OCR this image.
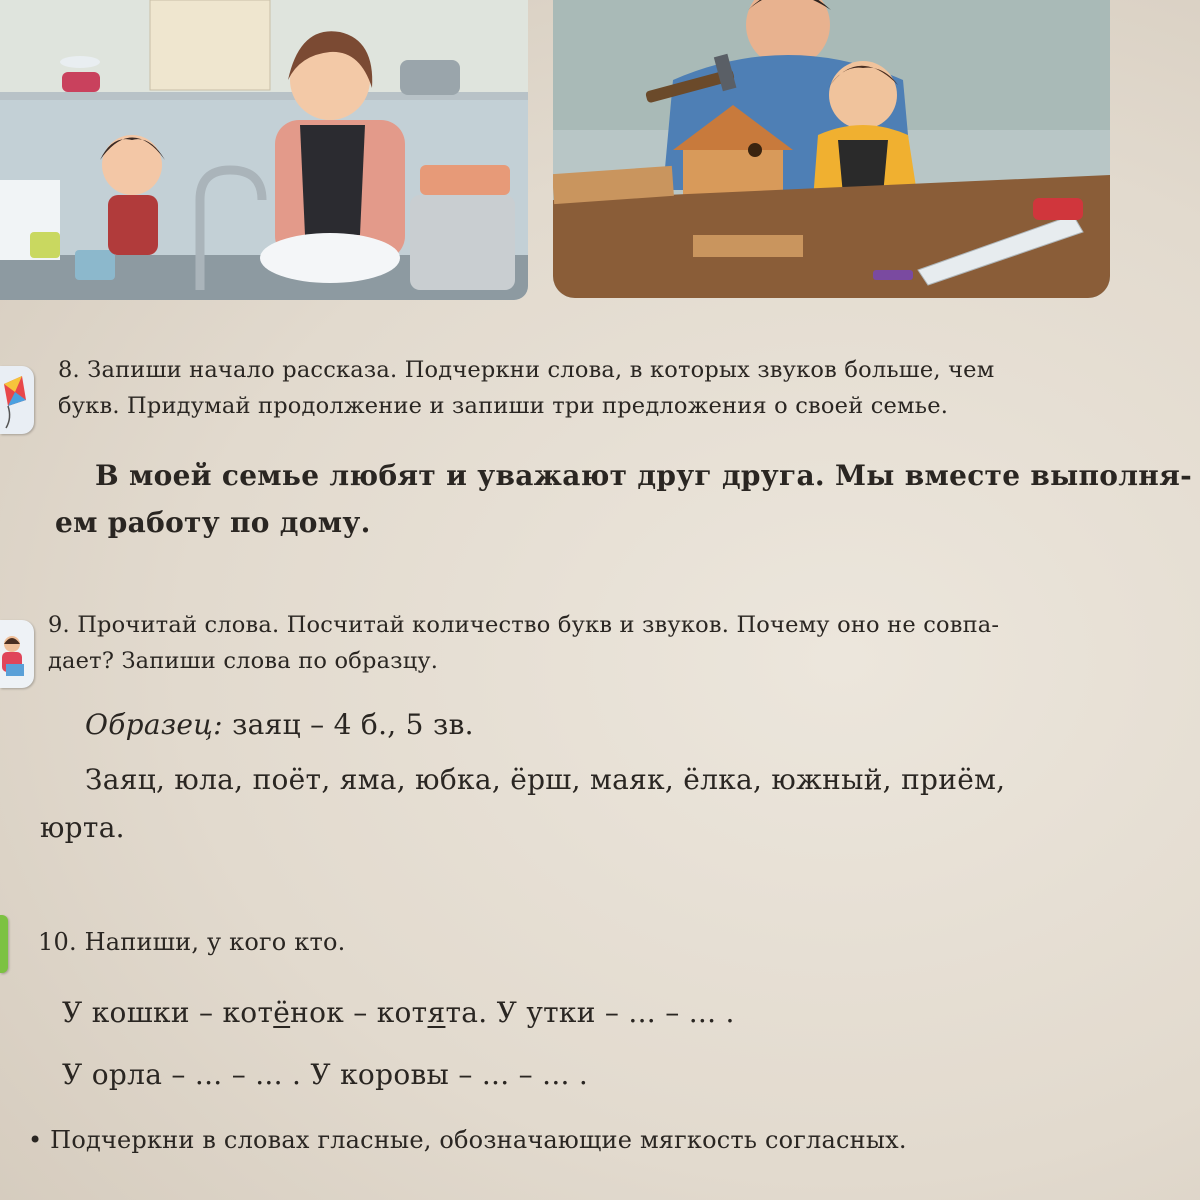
8. Запиши начало рассказа. Подчеркни слова, в которых звуков больше, чем
букв. Придумай продолжение и запиши три предложения о своей семье.
В моей семье любят и уважают друг друга. Мы вместе выполня-
ем работу по дому.
9. Прочитай слова. Посчитай количество букв и звуков. Почему оно не совпа-
дает? Запиши слова по образцу.
Образец: заяц – 4 б., 5 зв.
Заяц, юла, поёт, яма, юбка, ёрш, маяк, ёлка, южный, приём,
юрта.
10. Напиши, у кого кто.
У кошки – котёнок – котята. У утки – ... – ... .
У орла – ... – ... . У коровы – ... – ... .
• Подчеркни в словах гласные, обозначающие мягкость согласных.
